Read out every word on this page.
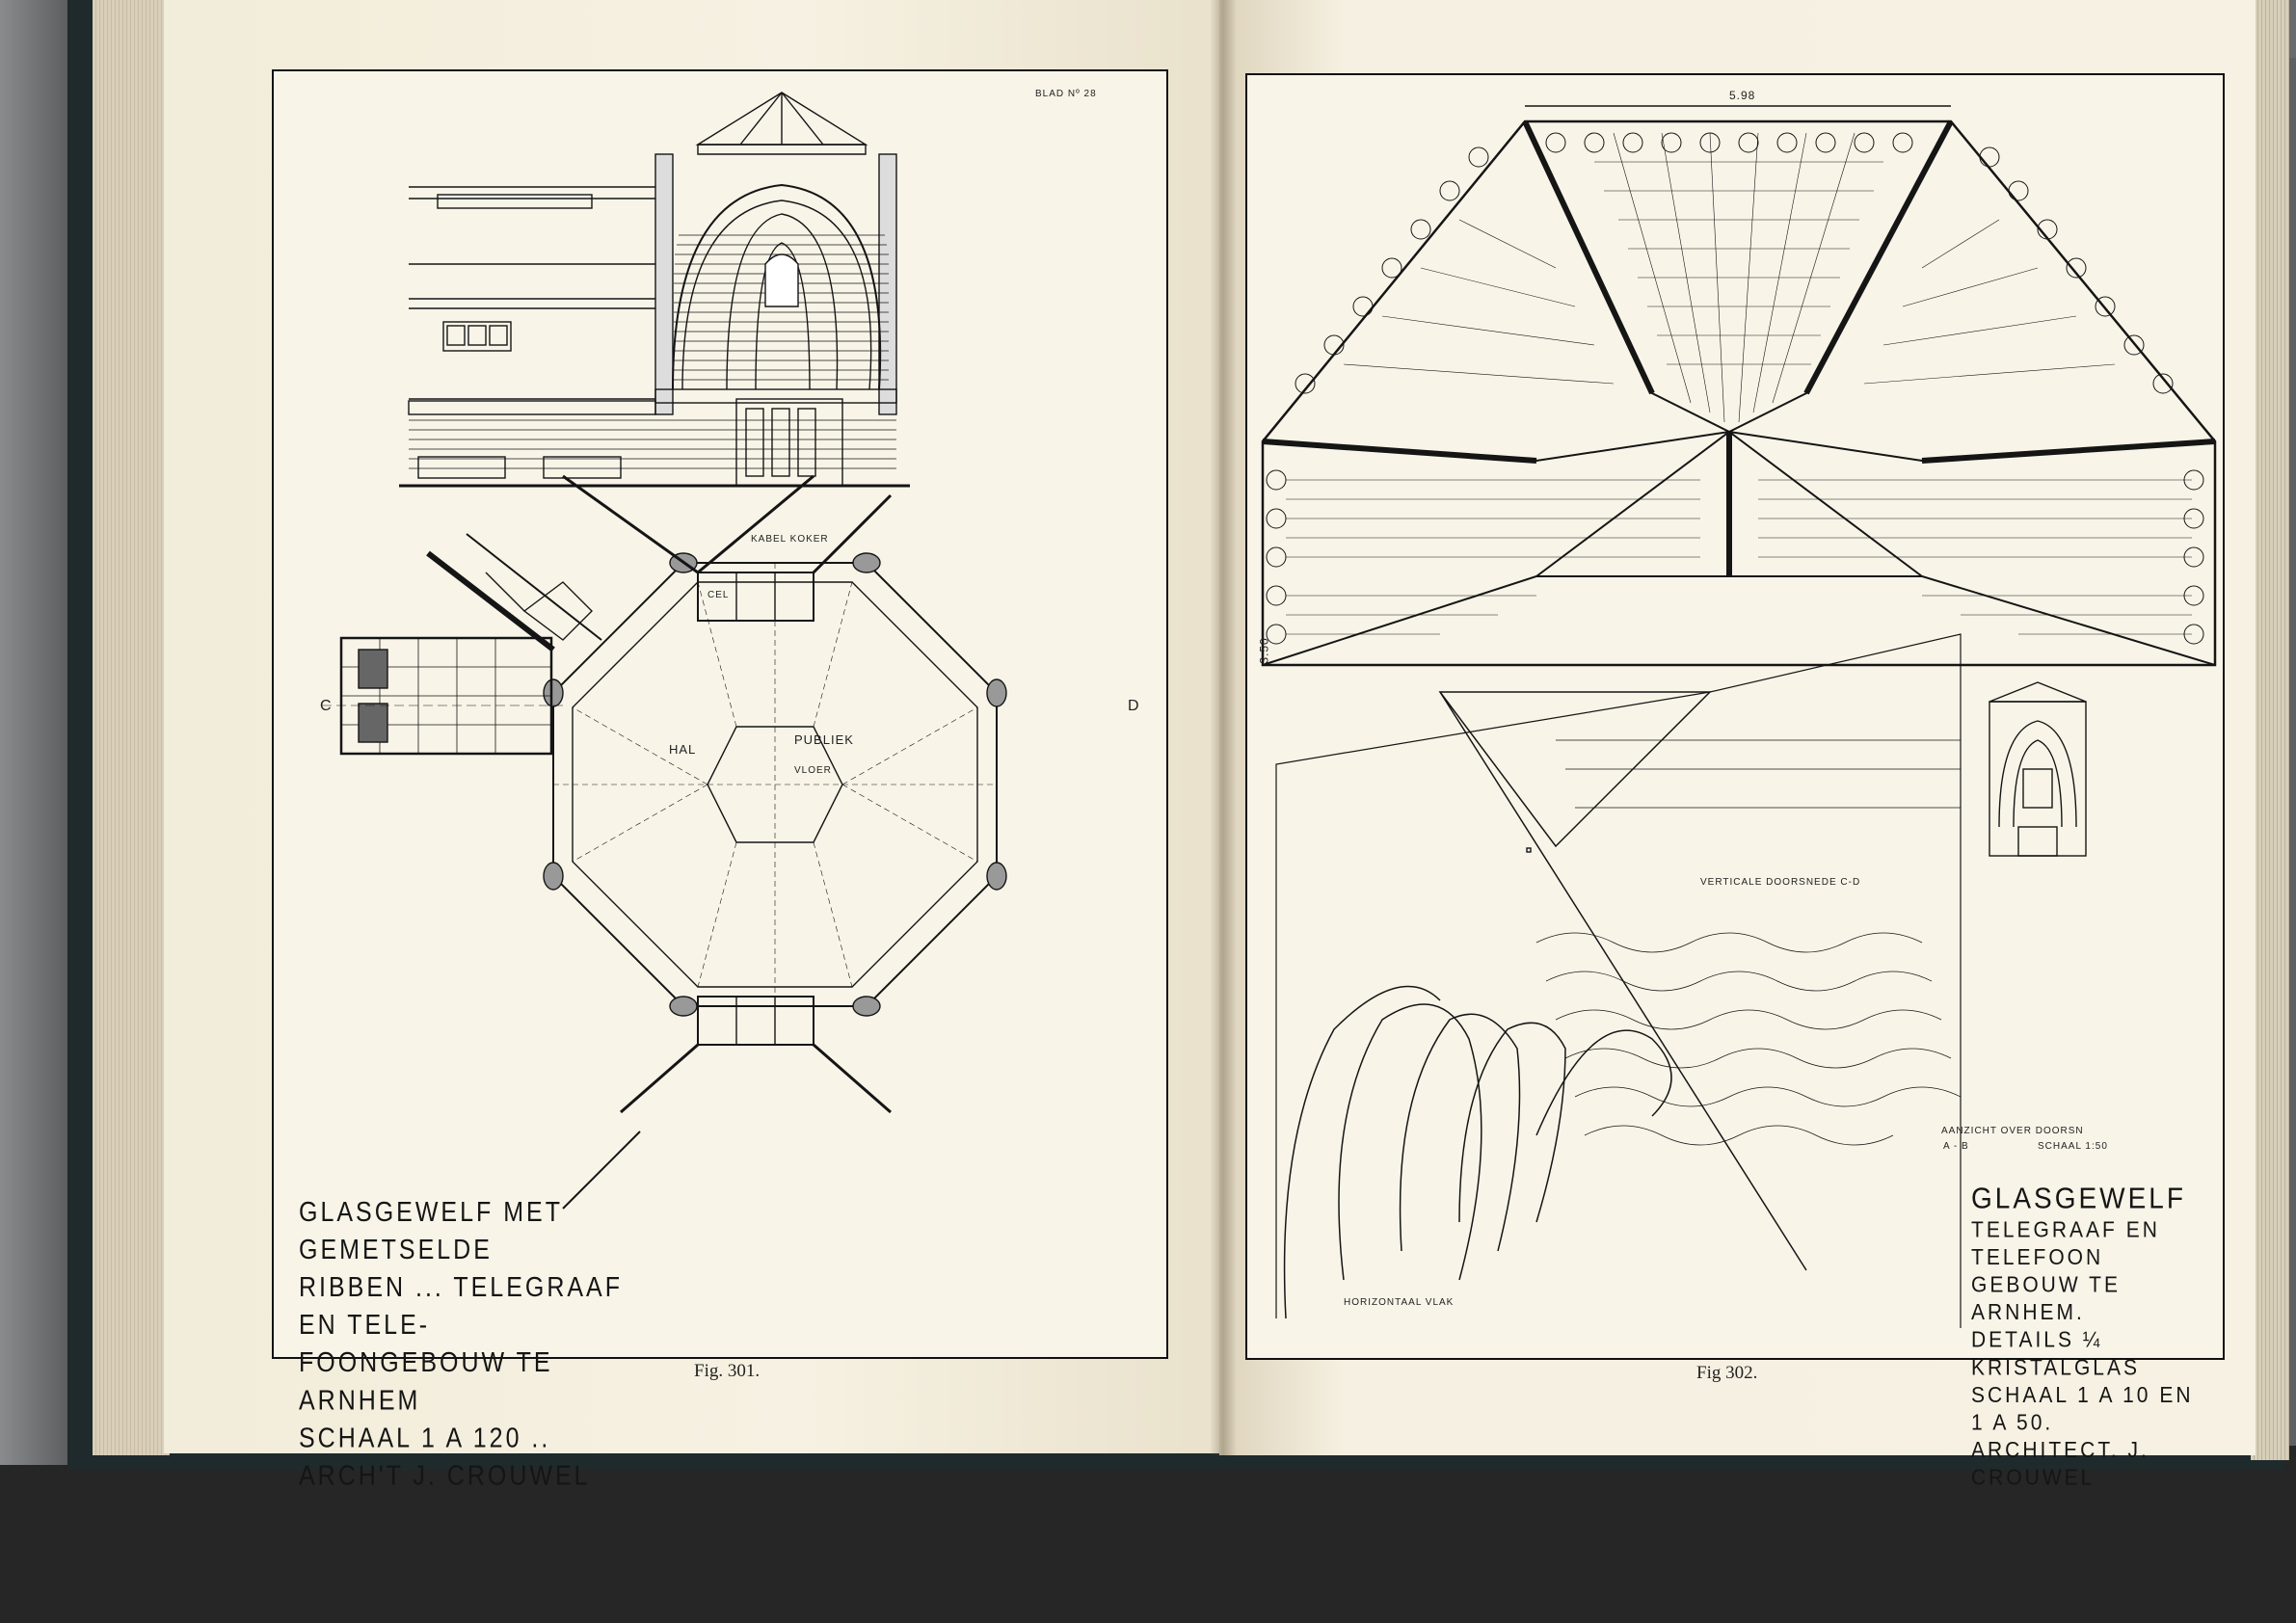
BLAD Nº 28
PUBLIEK
VLOER
HAL
CEL
KABEL KOKER
C	D
GLASGEWELF MET GEMETSELDE
RIBBEN ... TELEGRAAF EN TELE-
FOONGEBOUW TE ARNHEM
SCHAAL 1 A 120 .. ARCH'T J. CROUWEL
Fig. 301.
5.98
3.50
AANZICHT OVER DOORSN
A - B	SCHAAL 1:50
HORIZONTAAL VLAK
VERTICALE DOORSNEDE C-D
GLASGEWELF
TELEGRAAF EN TELEFOON
GEBOUW TE ARNHEM.
DETAILS ¼ KRISTALGLAS
SCHAAL 1 A 10 EN 1 A 50.
ARCHITECT. J. CROUWEL
Fig 302.
